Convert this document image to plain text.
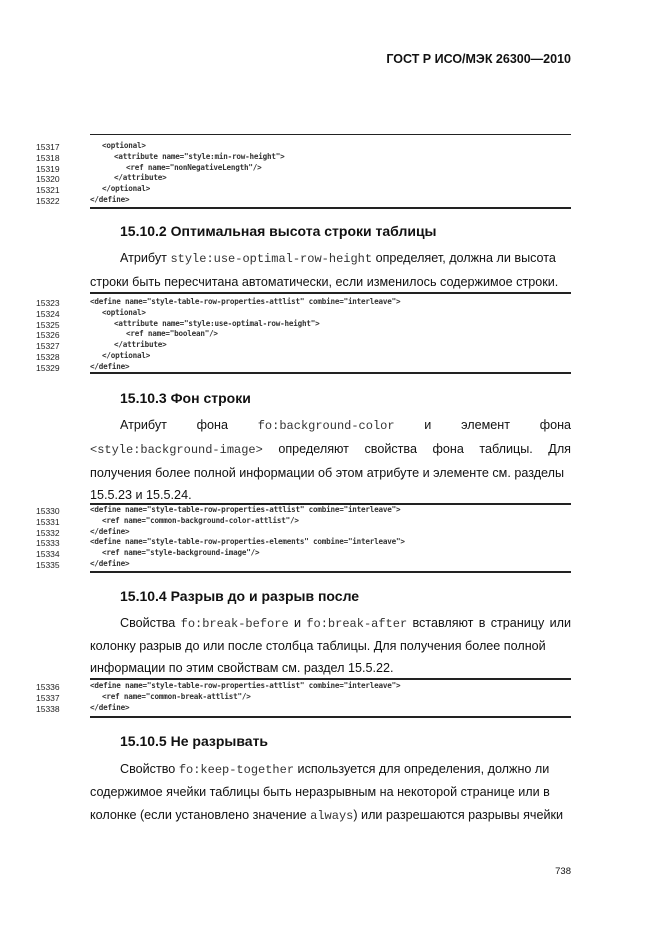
ГОСТ Р ИСО/МЭК 26300—2010
15.10.2 Оптимальная высота строки таблицы
Атрибут style:use-optimal-row-height определяет, должна ли высота
строки быть пересчитана автоматически, если изменилось содержимое строки.
15.10.3 Фон строки
Атрибут фона fo:background-color и элемент фона
<style:background-image> определяют свойства фона таблицы. Для
получения более полной информации об этом атрибуте и элементе см. разделы
15.5.23 и 15.5.24.
15.10.4 Разрыв до и разрыв после
Свойства fo:break-before и fo:break-after вставляют в страницу или
колонку разрыв до или после столбца таблицы. Для получения более полной
информации по этим свойствам см. раздел 15.5.22.
15.10.5 Не разрывать
Свойство fo:keep-together используется для определения, должно ли
содержимое ячейки таблицы быть неразрывным на некоторой странице или в
колонке (если установлено значение always) или разрешаются разрывы ячейки
738
15317	<optional>
15318	<attribute name="style:min-row-height">
15319	<ref name="nonNegativeLength"/>
15320	</attribute>
15321	</optional>
15322	</define>
15323	<define name="style-table-row-properties-attlist" combine="interleave">
15324	<optional>
15325	<attribute name="style:use-optimal-row-height">
15326	<ref name="boolean"/>
15327	</attribute>
15328	</optional>
15329	</define>
15330	<define name="style-table-row-properties-attlist" combine="interleave">
15331	<ref name="common-background-color-attlist"/>
15332	</define>
15333	<define name="style-table-row-properties-elements" combine="interleave">
15334	<ref name="style-background-image"/>
15335	</define>
15336	<define name="style-table-row-properties-attlist" combine="interleave">
15337	<ref name="common-break-attlist"/>
15338	</define>
